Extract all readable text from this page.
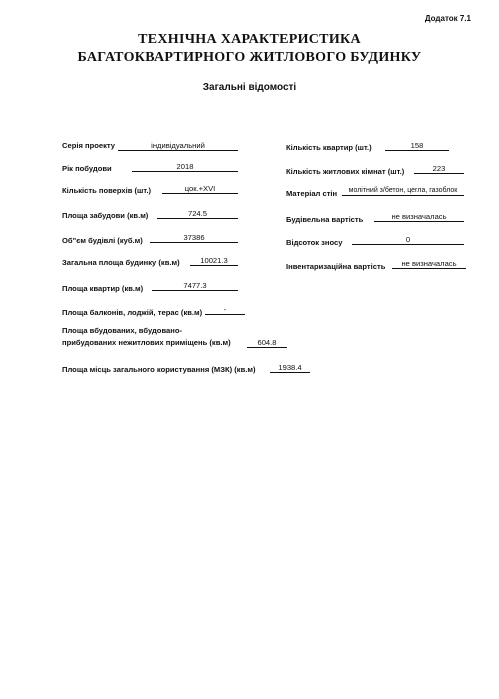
Додаток 7.1
ТЕХНІЧНА ХАРАКТЕРИСТИКА
БАГАТОКВАРТИРНОГО ЖИТЛОВОГО БУДИНКУ
Загальні відомості
Серія проекту	індивідуальний
Рік побудови	2018
Кількість поверхів (шт.)	цок.+XVI
Площа забудови (кв.м)	724.5
Об"єм будівлі (куб.м)	37386
Загальна площа будинку (кв.м)	10021.3
Площа квартир (кв.м)	7477.3
Площа балконів, лоджій, терас (кв.м)	-
Площа вбудованих, вбудовано-
прибудованих нежитлових приміщень (кв.м)	604.8
Площа місць загального користування (МЗК) (кв.м)	1938.4
Кількість квартир (шт.)	158
Кількість житлових кімнат (шт.)	223
Матеріал стін	моліт́ний з/бетон, цегла, газоблок
Будівельна вартість	не визначалась
Відсоток зносу	0
Інвентаризаційна вартість	не визначалась
